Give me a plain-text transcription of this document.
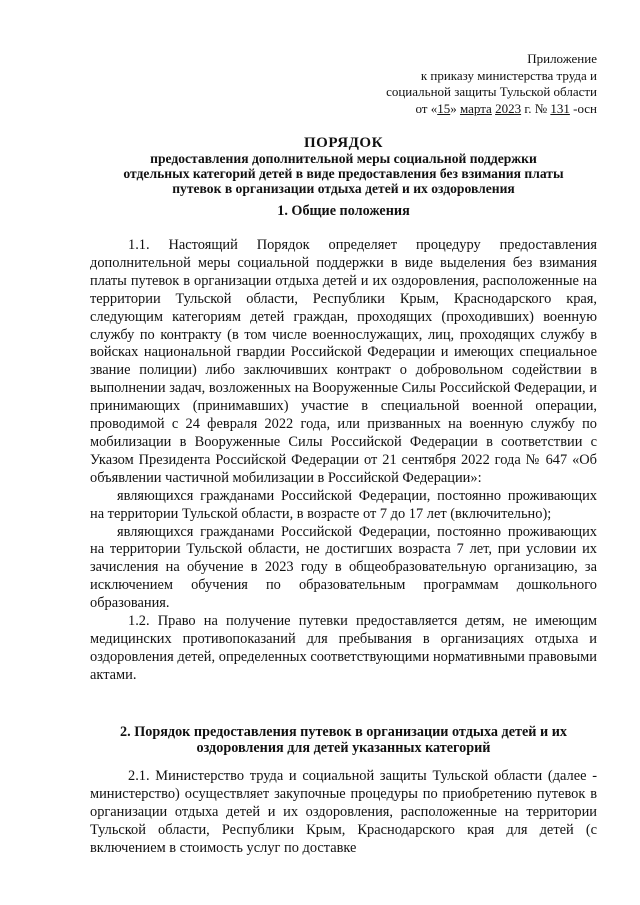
Приложение
к приказу министерства труда и
социальной защиты Тульской области
от «15» марта 2023 г. № 131 -осн
ПОРЯДОК
предоставления дополнительной меры социальной поддержки
отдельных категорий детей в виде предоставления без взимания платы
путевок в организации отдыха детей и их оздоровления
1. Общие положения

1.1. Настоящий Порядок определяет процедуру предоставления дополнительной меры социальной поддержки в виде выделения без взимания платы путевок в организации отдыха детей и их оздоровления, расположенные на территории Тульской области, Республики Крым, Краснодарского края, следующим категориям детей граждан, проходящих (проходивших) военную службу по контракту (в том числе военнослужащих, лиц, проходящих службу в войсках национальной гвардии Российской Федерации и имеющих специальное звание полиции) либо заключивших контракт о добровольном содействии в выполнении задач, возложенных на Вооруженные Силы Российской Федерации, и принимающих (принимавших) участие в специальной военной операции, проводимой с 24 февраля 2022 года, или призванных на военную службу по мобилизации в Вооруженные Силы Российской Федерации в соответствии с Указом Президента Российской Федерации от 21 сентября 2022 года № 647 «Об объявлении частичной мобилизации в Российской Федерации»:

являющихся гражданами Российской Федерации, постоянно проживающих на территории Тульской области, в возрасте от 7 до 17 лет (включительно);

являющихся гражданами Российской Федерации, постоянно проживающих на территории Тульской области, не достигших возраста 7 лет, при условии их зачисления на обучение в 2023 году в общеобразовательную организацию, за исключением обучения по образовательным программам дошкольного образования.

1.2. Право на получение путевки предоставляется детям, не имеющим медицинских противопоказаний для пребывания в организациях отдыха и оздоровления детей, определенных соответствующими нормативными правовыми актами.

2. Порядок предоставления путевок в организации отдыха детей и их
оздоровления для детей указанных категорий

2.1. Министерство труда и социальной защиты Тульской области (далее - министерство) осуществляет закупочные процедуры по приобретению путевок в организации отдыха детей и их оздоровления, расположенные на территории Тульской области, Республики Крым, Краснодарского края для детей (с включением в стоимость услуг по доставке
